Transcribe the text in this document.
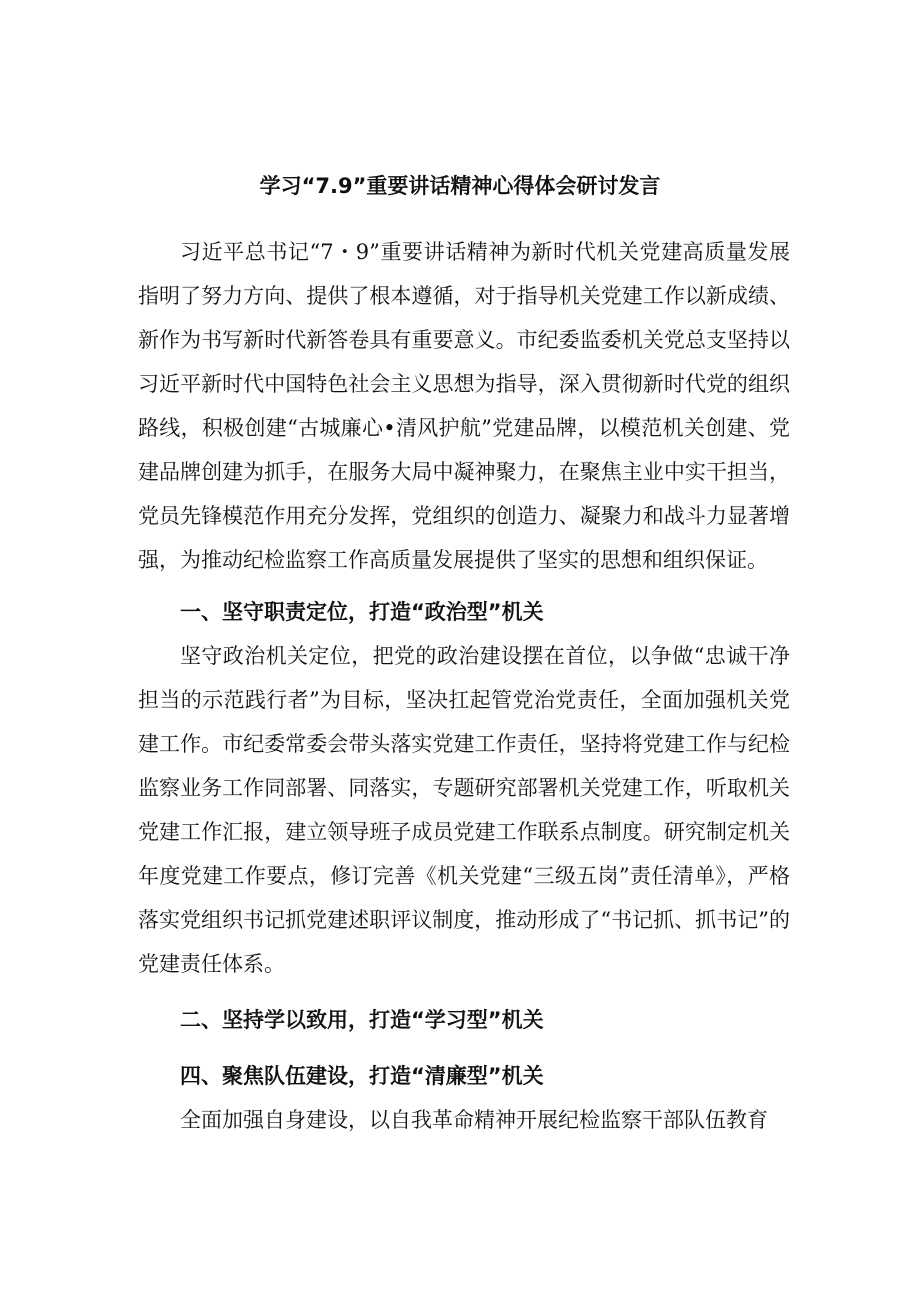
学习“7.9”重要讲话精神心得体会研讨发言

习近平总书记“7・9”重要讲话精神为新时代机关党建高质量发展指明了努力方向、提供了根本遵循，对于指导机关党建工作以新成绩、新作为书写新时代新答卷具有重要意义。市纪委监委机关党总支坚持以习近平新时代中国特色社会主义思想为指导，深入贯彻新时代党的组织路线，积极创建“古城廉心•清风护航”党建品牌，以模范机关创建、党建品牌创建为抓手，在服务大局中凝神聚力，在聚焦主业中实干担当，党员先锋模范作用充分发挥，党组织的创造力、凝聚力和战斗力显著增强，为推动纪检监察工作高质量发展提供了坚实的思想和组织保证。

一、坚守职责定位，打造“政治型”机关

坚守政治机关定位，把党的政治建设摆在首位，以争做“忠诚干净担当的示范践行者”为目标，坚决扛起管党治党责任，全面加强机关党建工作。市纪委常委会带头落实党建工作责任，坚持将党建工作与纪检监察业务工作同部署、同落实，专题研究部署机关党建工作，听取机关党建工作汇报，建立领导班子成员党建工作联系点制度。研究制定机关年度党建工作要点，修订完善《机关党建“三级五岗”责任清单》，严格落实党组织书记抓党建述职评议制度，推动形成了“书记抓、抓书记”的党建责任体系。

二、坚持学以致用，打造“学习型”机关

四、聚焦队伍建设，打造“清廉型”机关

全面加强自身建设，以自我革命精神开展纪检监察干部队伍教育
